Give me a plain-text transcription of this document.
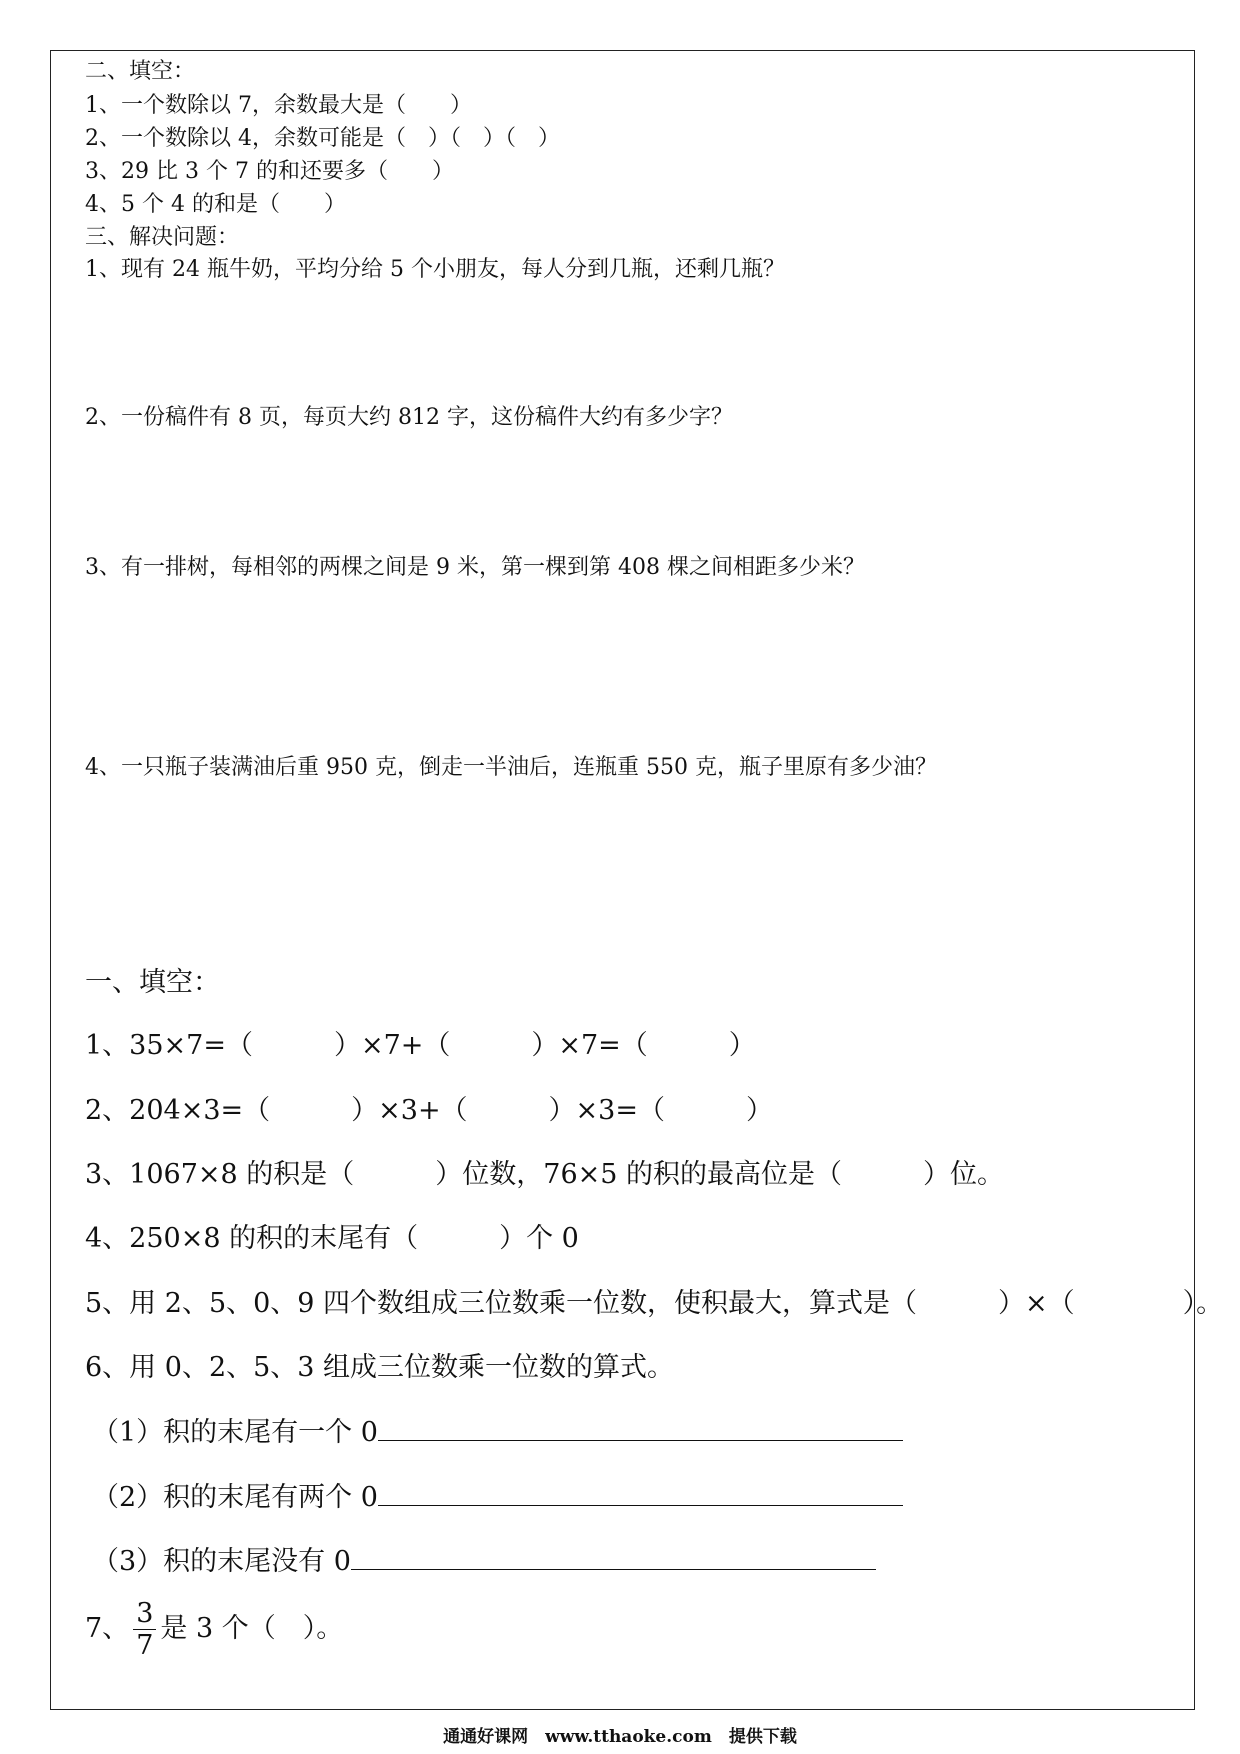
二、填空：
1、一个数除以 7，余数最大是（　　）
2、一个数除以 4，余数可能是（　）（　）（　）
3、29 比 3 个 7 的和还要多（　　）
4、5 个 4 的和是（　　）
三、解决问题：
1、现有 24 瓶牛奶，平均分给 5 个小朋友，每人分到几瓶，还剩几瓶？
2、一份稿件有 8 页，每页大约 812 字，这份稿件大约有多少字？
3、有一排树，每相邻的两棵之间是 9 米，第一棵到第 408 棵之间相距多少米？
4、一只瓶子装满油后重 950 克，倒走一半油后，连瓶重 550 克，瓶子里原有多少油？
一、填空：
1、35×7=（　　　）×7+（　　　）×7=（　　　）
2、204×3=（　　　）×3+（　　　）×3=（　　　）
3、1067×8 的积是（　　　）位数，76×5 的积的最高位是（　　　）位。
4、250×8 的积的末尾有（　　　）个 0
5、用 2、5、0、9 四个数组成三位数乘一位数，使积最大，算式是（　　　）×（　　　　）。
6、用 0、2、5、3 组成三位数乘一位数的算式。
（1）积的末尾有一个 0
（2）积的末尾有两个 0
（3）积的末尾没有 0
7、 $\frac{3}{7}$ 是 3 个（　）。
通通好课网　www.tthaoke.com　提供下载
